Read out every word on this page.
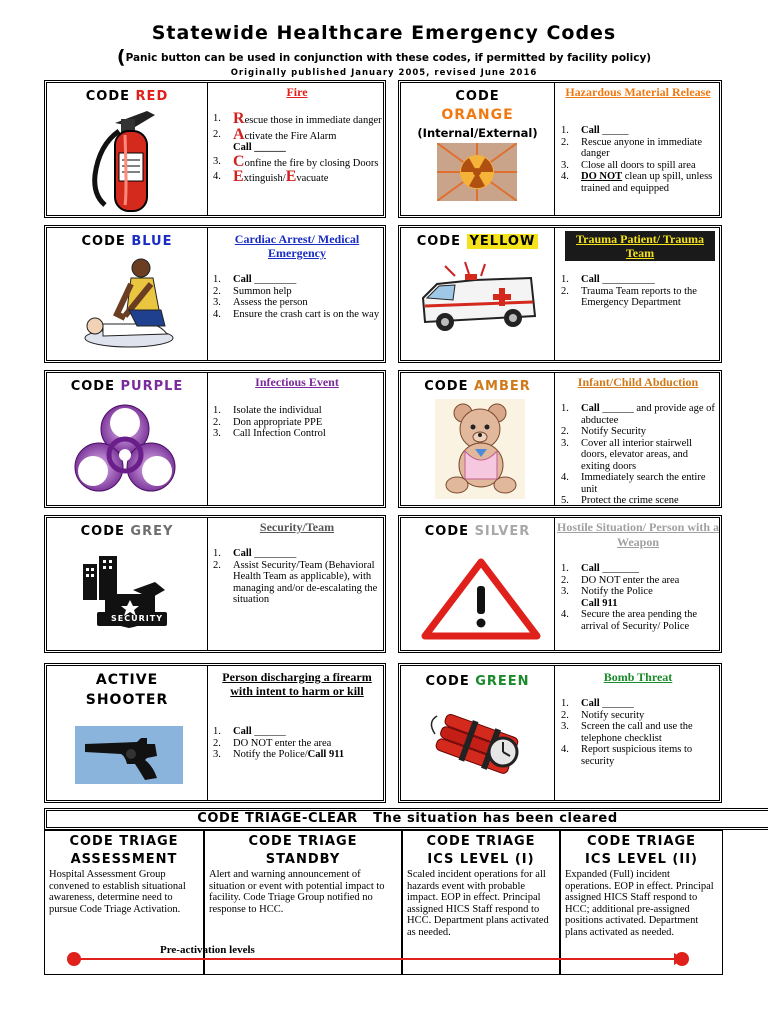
Statewide Healthcare Emergency Codes
(Panic button can be used in conjunction with these codes, if permitted by facility policy)
Originally published January 2005, revised June 2016
CODE RED	Fire
1. Rescue those in immediate danger
2. Activate the Fire Alarm
Call ______
3. Confine the fire by closing Doors
4. Extinguish/Evacuate
CODE
ORANGE
(Internal/External)
Hazardous Material Release
1. Call _____
2. Rescue anyone in immediate danger
3. Close all doors to spill area
4. DO NOT clean up spill, unless trained and equipped
CODE BLUE	Cardiac Arrest/ Medical Emergency
1. Call ________
2. Summon help
3. Assess the person
4. Ensure the crash cart is on the way
CODE YELLOW	Trauma Patient/ Trauma Team
1. Call __________
2. Trauma Team reports to the Emergency Department
CODE PURPLE	Infectious Event
1. Isolate the individual
2. Don appropriate PPE
3. Call Infection Control
CODE AMBER	Infant/Child Abduction
1. Call ______ and provide age of abductee
2. Notify Security
3. Cover all interior stairwell doors, elevator areas, and exiting doors
4. Immediately search the entire unit
5. Protect the crime scene
CODE GREY
SECURITY
Security/Team
1. Call ________
2. Assist Security/Team (Behavioral Health Team as applicable), with managing and/or de-escalating the situation
CODE SILVER	Hostile Situation/ Person with a Weapon
1. Call _______
2. DO NOT enter the area
3. Notify the Police
Call 911
4. Secure the area pending the arrival of Security/ Police
ACTIVE
SHOOTER
Person discharging a firearm with intent to harm or kill
1. Call ______
2. DO NOT enter the area
3. Notify the Police/Call 911
CODE GREEN	Bomb Threat
1. Call ______
2. Notify security
3. Screen the call and use the telephone checklist
4. Report suspicious items to security
CODE TRIAGE-CLEAR The situation has been cleared
CODE TRIAGE
ASSESSMENT
Hospital Assessment Group convened to establish situational awareness, determine need to pursue Code Triage Activation.
CODE TRIAGE
STANDBY
Alert and warning announcement of situation or event with potential impact to facility. Code Triage Group notified no response to HCC.
CODE TRIAGE
ICS LEVEL (I)
Scaled incident operations for all hazards event with probable impact. EOP in effect. Principal assigned HICS Staff respond to HCC. Department plans activated as needed.
CODE TRIAGE
ICS LEVEL (II)
Expanded (Full) incident operations. EOP in effect. Principal assigned HICS Staff respond to HCC; additional pre-assigned positions activated. Department plans activated as needed.
Pre-activation levels
